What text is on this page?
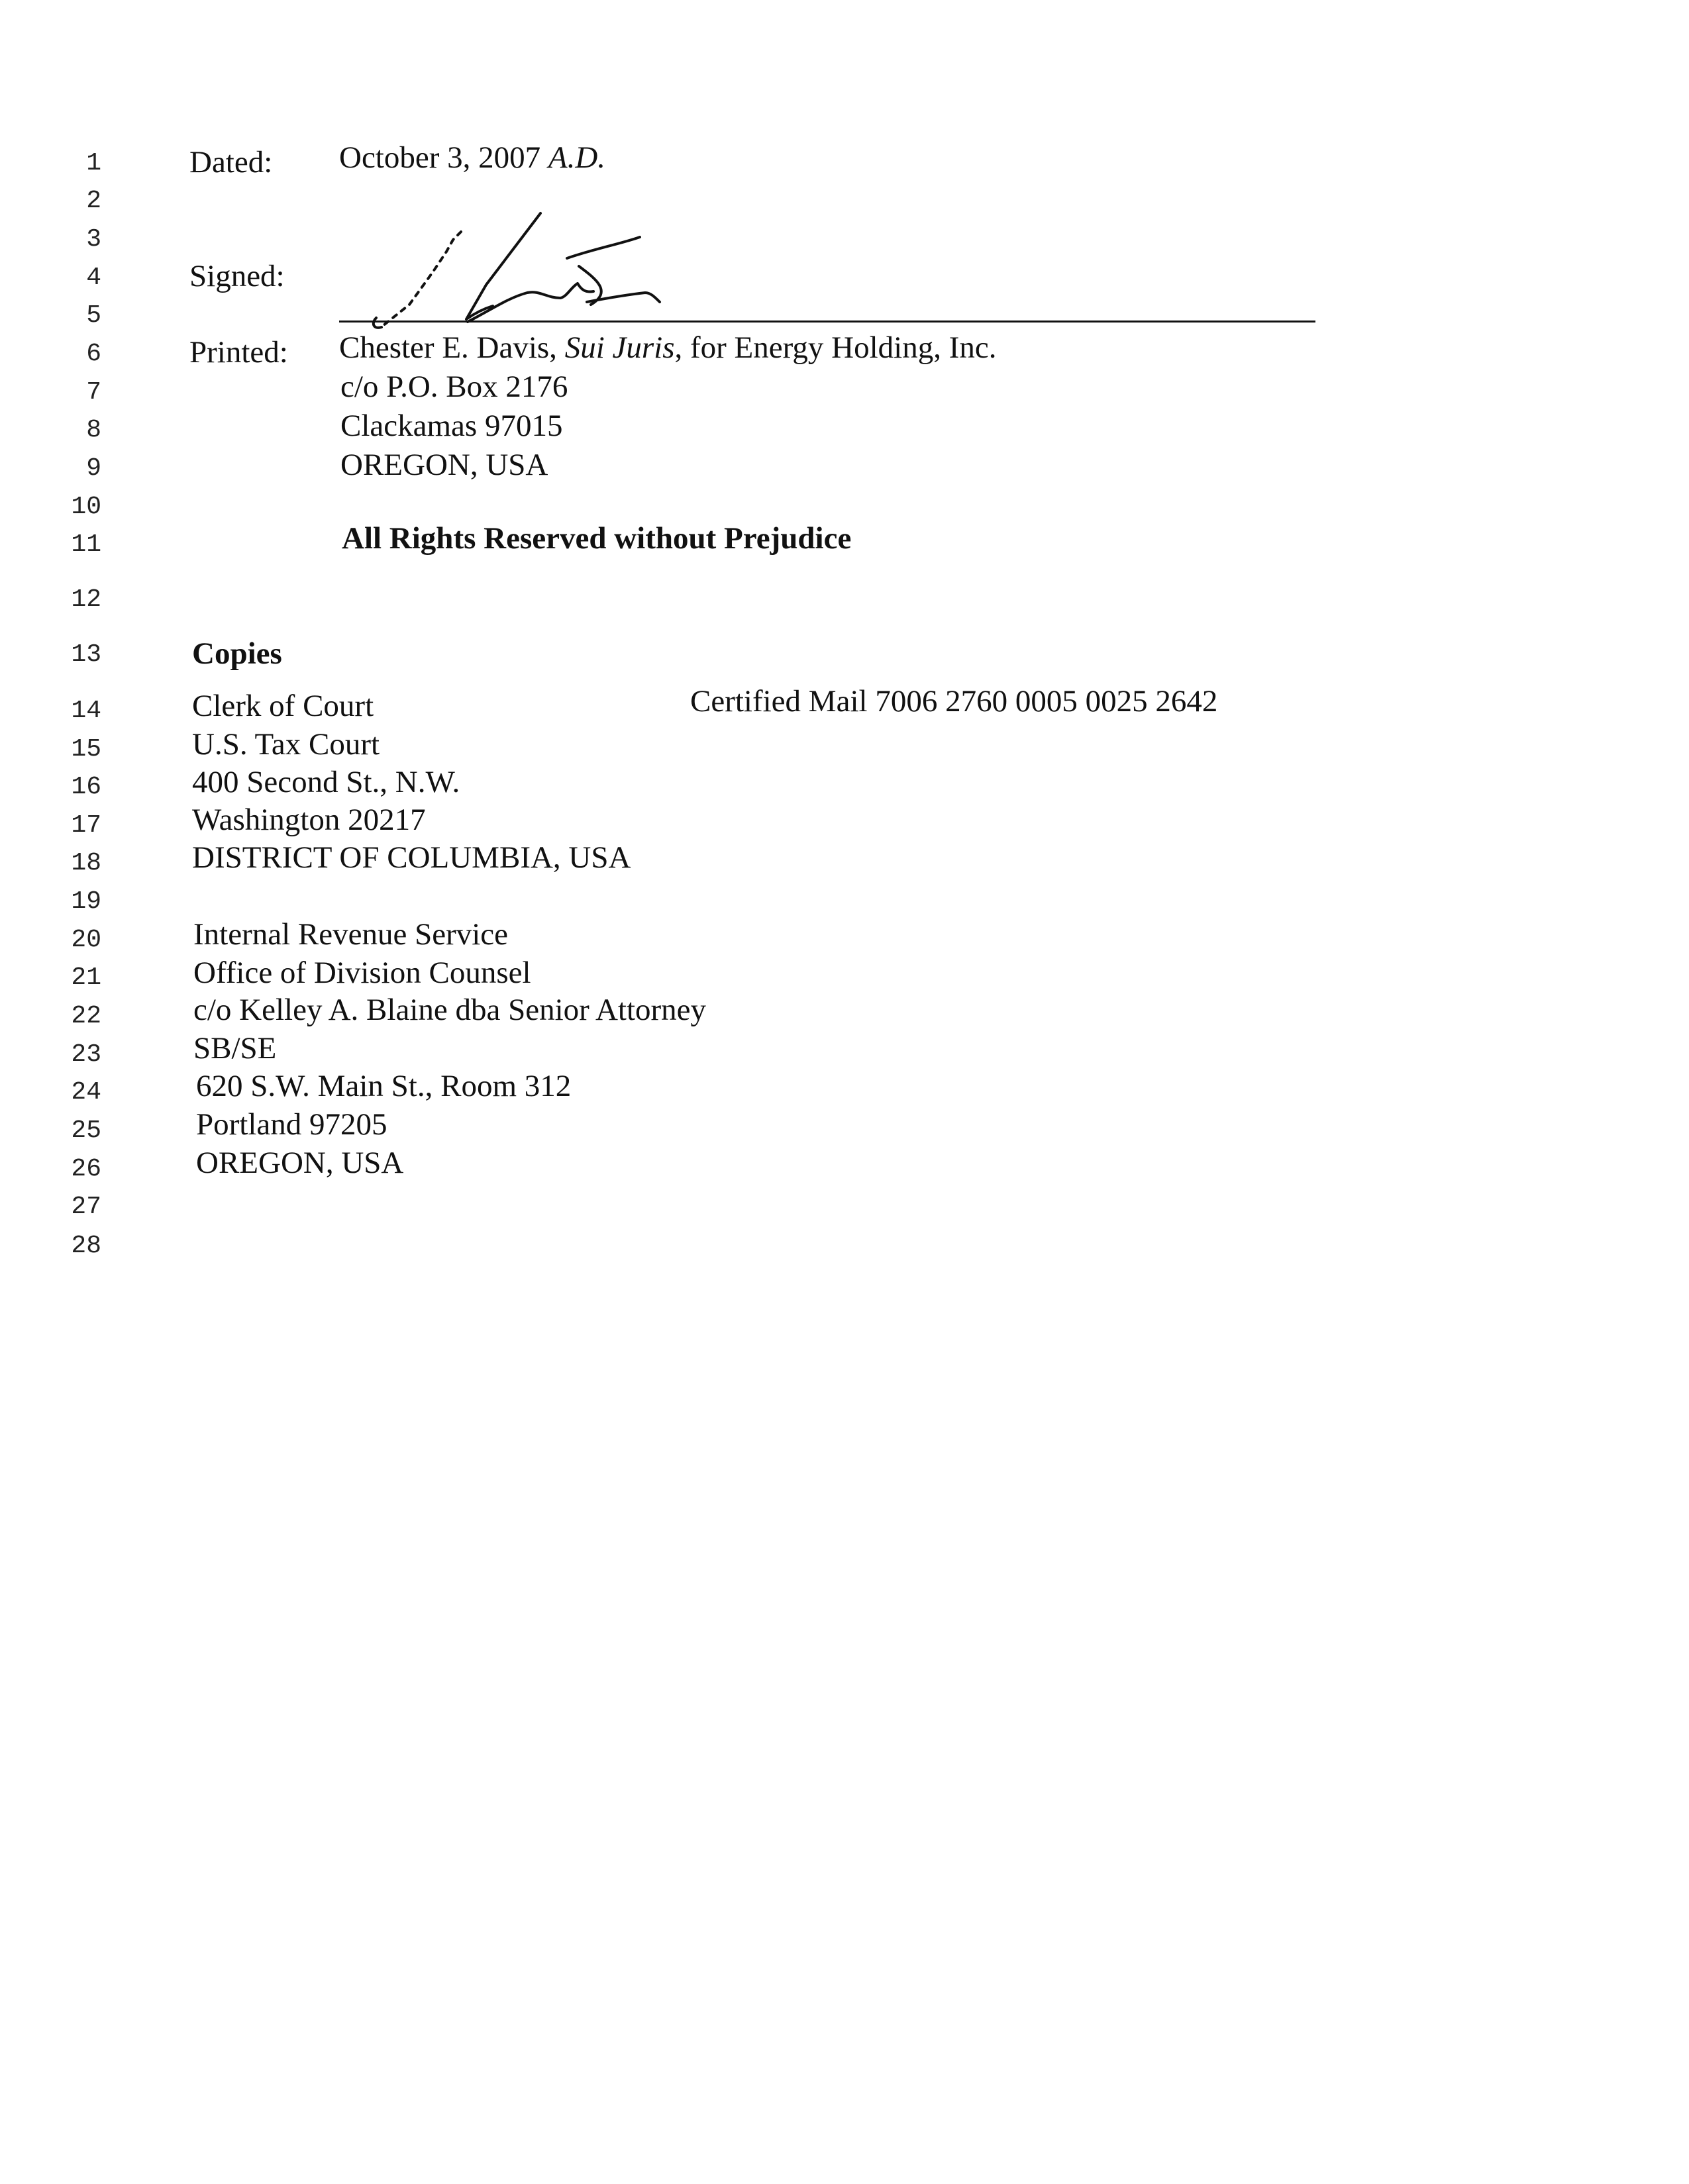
1
2
3
4
5
6
7
8
9
10
11
12
13
14
15
16
17
18
19
20
21
22
23
24
25
26
27
28
Dated: October 3, 2007 A.D.
Signed:
Printed: Chester E. Davis, Sui Juris, for Energy Holding, Inc.
c/o P.O. Box 2176
Clackamas 97015
OREGON, USA
All Rights Reserved without Prejudice
Copies
Certified Mail 7006 2760 0005 0025 2642
Clerk of Court
U.S. Tax Court
400 Second St., N.W.
Washington 20217
DISTRICT OF COLUMBIA, USA
Internal Revenue Service
Office of Division Counsel
c/o Kelley A. Blaine dba Senior Attorney
SB/SE
620 S.W. Main St., Room 312
Portland 97205
OREGON, USA
